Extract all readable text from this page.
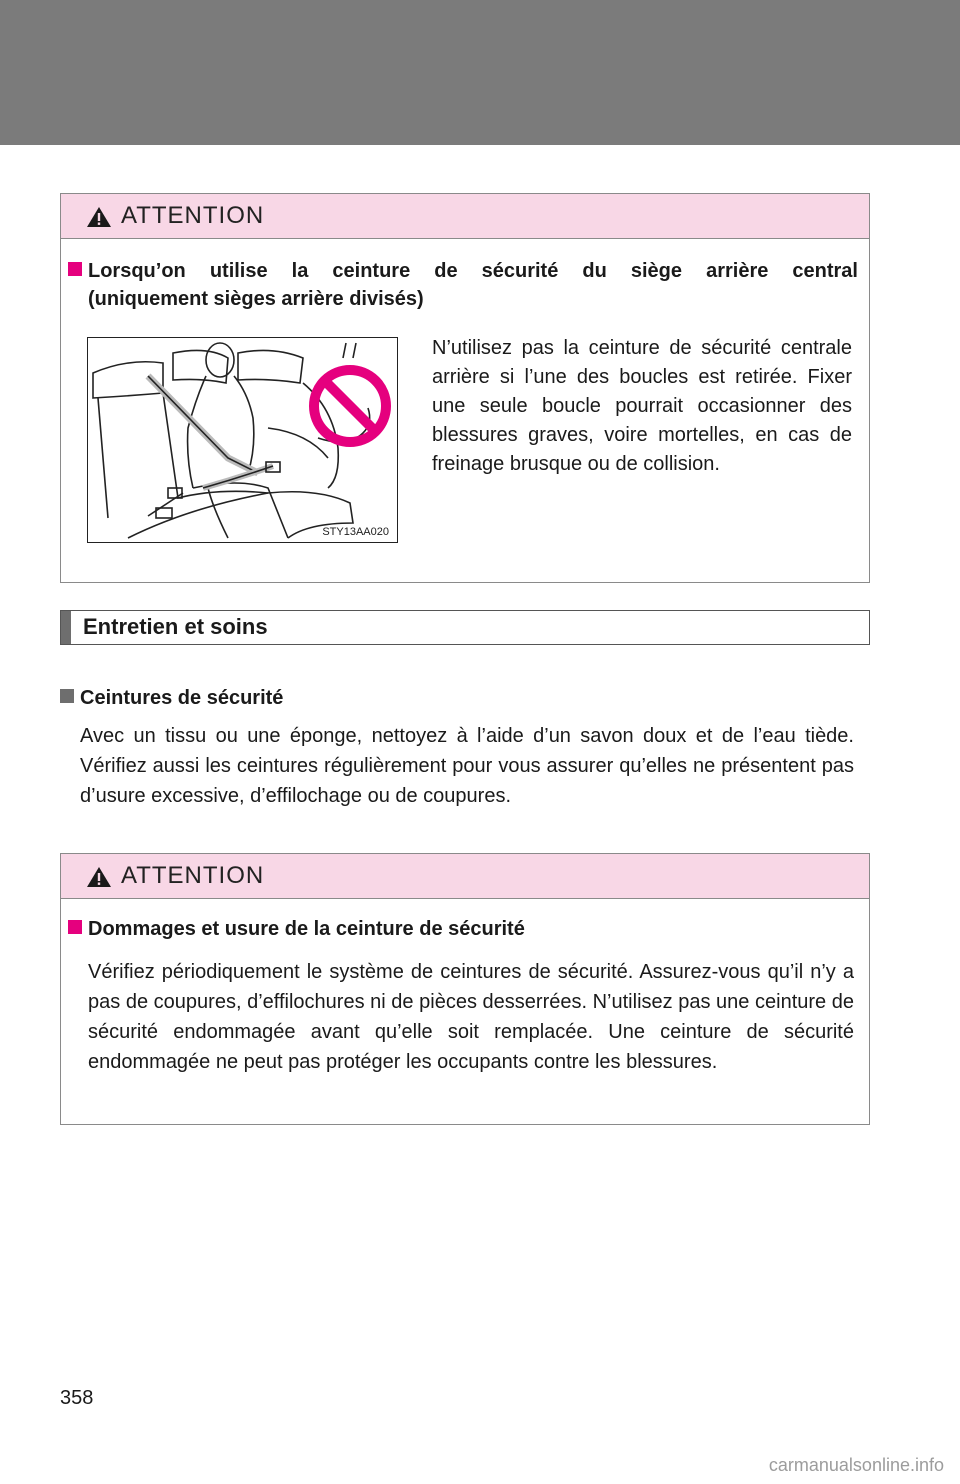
ATTENTION
Lorsqu’on utilise la ceinture de sécurité du siège arrière central
(uniquement sièges arrière divisés)
STY13AA020
N’utilisez pas la ceinture de sécurité centrale arrière si l’une des boucles est retirée. Fixer une seule boucle pourrait occasionner des blessures graves, voire mortelles, en cas de freinage brusque ou de collision.
Entretien et soins
Ceintures de sécurité
Avec un tissu ou une éponge, nettoyez à l’aide d’un savon doux et de l’eau tiède. Vérifiez aussi les ceintures régulièrement pour vous assurer qu’elles ne présentent pas d’usure excessive, d’effilochage ou de coupures.
ATTENTION
Dommages et usure de la ceinture de sécurité
Vérifiez périodiquement le système de ceintures de sécurité. Assurez-vous qu’il n’y a pas de coupures, d’effilochures ni de pièces desserrées. N’utilisez pas une ceinture de sécurité endommagée avant qu’elle soit remplacée. Une ceinture de sécurité endommagée ne peut pas protéger les occupants contre les blessures.
358
carmanualsonline.info
